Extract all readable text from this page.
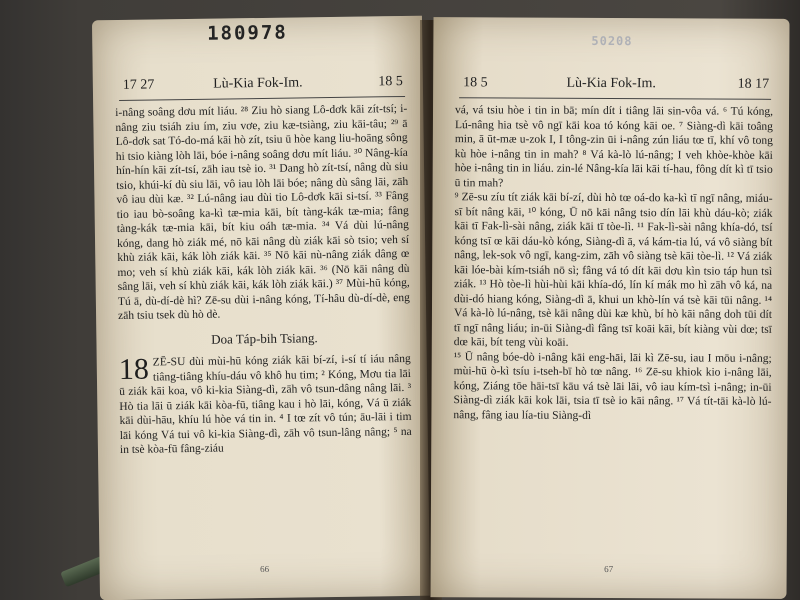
180978
17 27	Lù-Kia Fok-Im.	18 5

i-nâng soâng dơu mít liáu. ²⁸ Ziu hò siang Lô-dơk kāi zít-tsí; i-nâng ziu tsiáh ziu ím, ziu vơe, ziu kæ-tsiàng, ziu kāi-tâu; ²⁹ ā Lô-dơk sat Tó-do-má kāi hò zít, tsiu ū hòe kang liu-hoāng sông hi tsio kiàng lòh lāi, bóe i-nâng soâng dơu mít liáu. ³⁰ Nâng-kía hín-hín kāi zít-tsí, zāh iau tsè io. ³¹ Dang hò zít-tsí, nâng dù siu tsio, khúi-kí dù siu lāi, vô iau lòh lāi bóe; nâng dù sâng lāi, zāh vô iau dùi kæ. ³² Lú-nâng iau dùi tio Lô-dơk kāi si-tsí. ³³ Fâng tio iau bò-soâng ka-kì tæ-mia kāi, bít tàng-kák tæ-mia; fâng tàng-kák tæ-mia kāi, bít kiu oáh tæ-mia. ³⁴ Vá dùi lú-nâng kóng, dang hò ziák mé, nō kāi nâng dù ziák kāi sò tsio; veh sí khù ziák kāi, kák lòh ziák kāi. ³⁵ Nō kāi nù-nâng ziák dâng œ mo; veh sí khù ziák kāi, kák lòh ziák kāi. ³⁶ (Nō kāi nâng dù sâng lāi, veh sí khù ziák kāi, kák lòh ziák kāi.) ³⁷ Mùi-hū kóng, Tú ā, dù-dí-dè hì? Zē-su dùi i-nâng kóng, Tí-hâu dù-dí-dè, eng zāh tsiu tsek dù hò dè.

Doa Táp-bih Tsiang.

18 ZĒ-SU dùi mùi-hū kóng ziák kāi bí-zí, i-sí tí iáu nâng tiâng-tiâng khíu-dáu vô khô hu tim; ² Kóng, Mơu tia lāi ū ziák kāi koa, vô ki-kia Siàng-dì, zāh vô tsun-dâng nâng lāi. ³ Hò tia lāi ū ziák kāi kòa-fū, tiâng kau i hò lāi, kóng, Vá ū ziák kāi dùi-hāu, khíu lú hòe vá tin in. ⁴ I tœ zít vô tún; āu-lāi i tim lāi kóng Vá tui vô ki-kia Siàng-dì, zāh vô tsun-lâng nâng; ⁵ na in tsè kòa-fū fâng-ziáu

66
50208
18 5	Lù-Kia Fok-Im.	18 17

vá, vá tsiu hòe i tin in bā; mín dít i tiâng lāi sin-vôa vá. ⁶ Tú kóng, Lú-nâng hia tsè vô ngī kāi koa tó kóng kāi oe. ⁷ Siàng-dì kāi toâng min, ā ūt-mæ u-zok I, I tông-zin ūi i-nâng zún liáu tœ tī, khí vô tong kù hòe i-nâng tin in mah? ⁸ Vá kà-lò lú-nâng; I veh khòe-khòe kāi hòe i-nâng tin in liáu. zin-lé Nâng-kía lāi kāi tí-hau, fông dít kì tī tsio ū tin mah?

⁹ Zē-su zíu tít ziák kāi bí-zí, dùi hò tœ oá-do ka-kì tī ngī nâng, miáu-sī bít nâng kāi, ¹⁰ kóng, Ū nō kāi nâng tsio dín lāi khù dáu-kò; ziák kāi tī Fak-lì-sài nâng, ziák kāi tī tòe-lì. ¹¹ Fak-lì-sài nâng khía-dó, tsí kóng tsī œ kāi dáu-kò kóng, Siàng-dì ā, vá kám-tia lú, vá vô siàng bít nâng, lek-sok vô ngī, kang-zim, zāh vô siàng tsè kāi tòe-lì. ¹² Vá ziák kāi lóe-bài kím-tsiáh nō sì; fâng vá tó dít kāi dơu kìn tsio táp hun tsì ziák. ¹³ Hò tòe-lì hùi-hùi kāi khía-dó, lín kí mák mo hì zāh vô ká, na dùi-dó hiang kóng, Siàng-dì ā, khui un khò-lín vá tsè kāi tūi nâng. ¹⁴ Vá kà-lò lú-nâng, tsè kāi nâng dùi kæ khù, bí hò kāi nâng doh tūi dít tī ngī nâng liáu; in-ūi Siàng-dì fâng tsī koāi kāi, bít kiàng vùi dœ; tsī dœ kāi, bít teng vùi koāi.

¹⁵ Ū nâng bóe-dò i-nâng kāi eng-hāi, lāi kì Zē-su, iau I mōu i-nâng; mùi-hū ò-kì tsíu i-tseh-bī hò tœ nâng. ¹⁶ Zē-su khiok kio i-nâng lāi, kóng, Ziáng tōe hāi-tsī kāu vá tsè lāi lāi, vô iau kím-tsì i-nâng; in-ūi Siàng-dì ziák kāi kok lāi, tsia tī tsè io kāi nâng. ¹⁷ Vá tít-tāi kà-lò lú-nâng, fâng iau lía-tiu Siàng-dì

67
